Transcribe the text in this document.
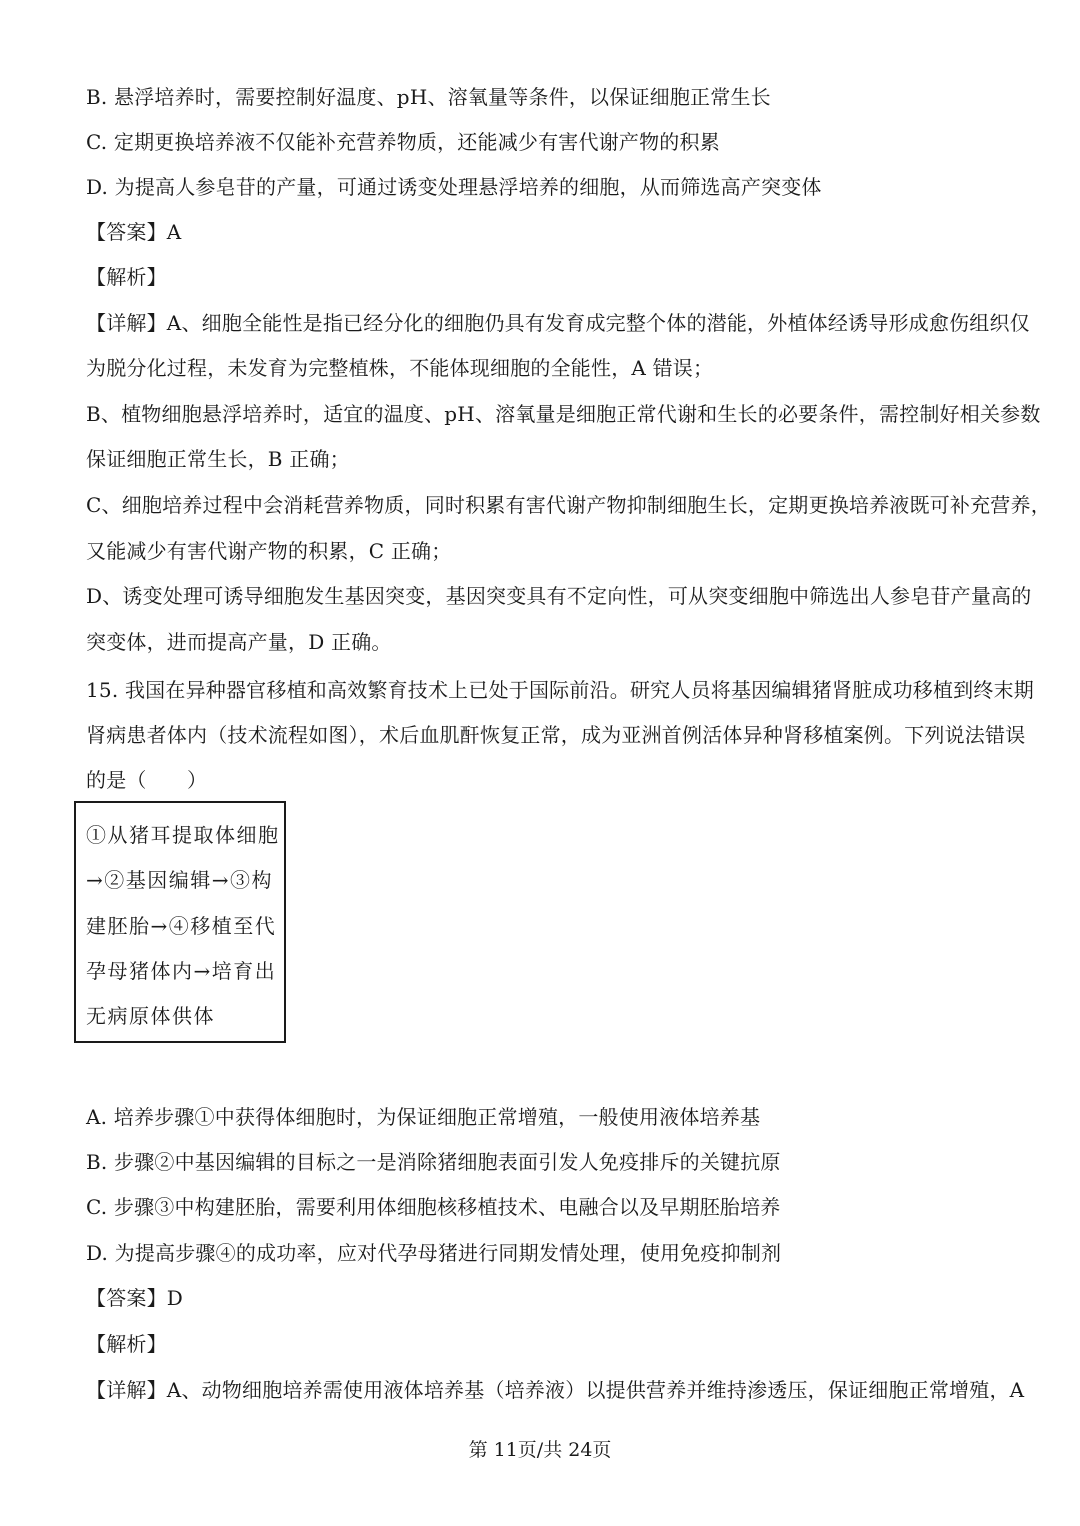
B. 悬浮培养时，需要控制好温度、pH、溶氧量等条件，以保证细胞正常生长
C. 定期更换培养液不仅能补充营养物质，还能减少有害代谢产物的积累
D. 为提高人参皂苷的产量，可通过诱变处理悬浮培养的细胞，从而筛选高产突变体
【答案】A
【解析】
【详解】A、细胞全能性是指已经分化的细胞仍具有发育成完整个体的潜能，外植体经诱导形成愈伤组织仅
为脱分化过程，未发育为完整植株，不能体现细胞的全能性，A 错误；
B、植物细胞悬浮培养时，适宜的温度、pH、溶氧量是细胞正常代谢和生长的必要条件，需控制好相关参数
保证细胞正常生长，B 正确；
C、细胞培养过程中会消耗营养物质，同时积累有害代谢产物抑制细胞生长，定期更换培养液既可补充营养，
又能减少有害代谢产物的积累，C 正确；
D、诱变处理可诱导细胞发生基因突变，基因突变具有不定向性，可从突变细胞中筛选出人参皂苷产量高的
突变体，进而提高产量，D 正确。
15. 我国在异种器官移植和高效繁育技术上已处于国际前沿。研究人员将基因编辑猪肾脏成功移植到终末期
肾病患者体内（技术流程如图），术后血肌酐恢复正常，成为亚洲首例活体异种肾移植案例。下列说法错误
的是（　　）
①从猪耳提取体细胞
→②基因编辑→③构
建胚胎→④移植至代
孕母猪体内→培育出
无病原体供体
A. 培养步骤①中获得体细胞时，为保证细胞正常增殖，一般使用液体培养基
B. 步骤②中基因编辑的目标之一是消除猪细胞表面引发人免疫排斥的关键抗原
C. 步骤③中构建胚胎，需要利用体细胞核移植技术、电融合以及早期胚胎培养
D. 为提高步骤④的成功率，应对代孕母猪进行同期发情处理，使用免疫抑制剂
【答案】D
【解析】
【详解】A、动物细胞培养需使用液体培养基（培养液）以提供营养并维持渗透压，保证细胞正常增殖，A
第 11页/共 24页
